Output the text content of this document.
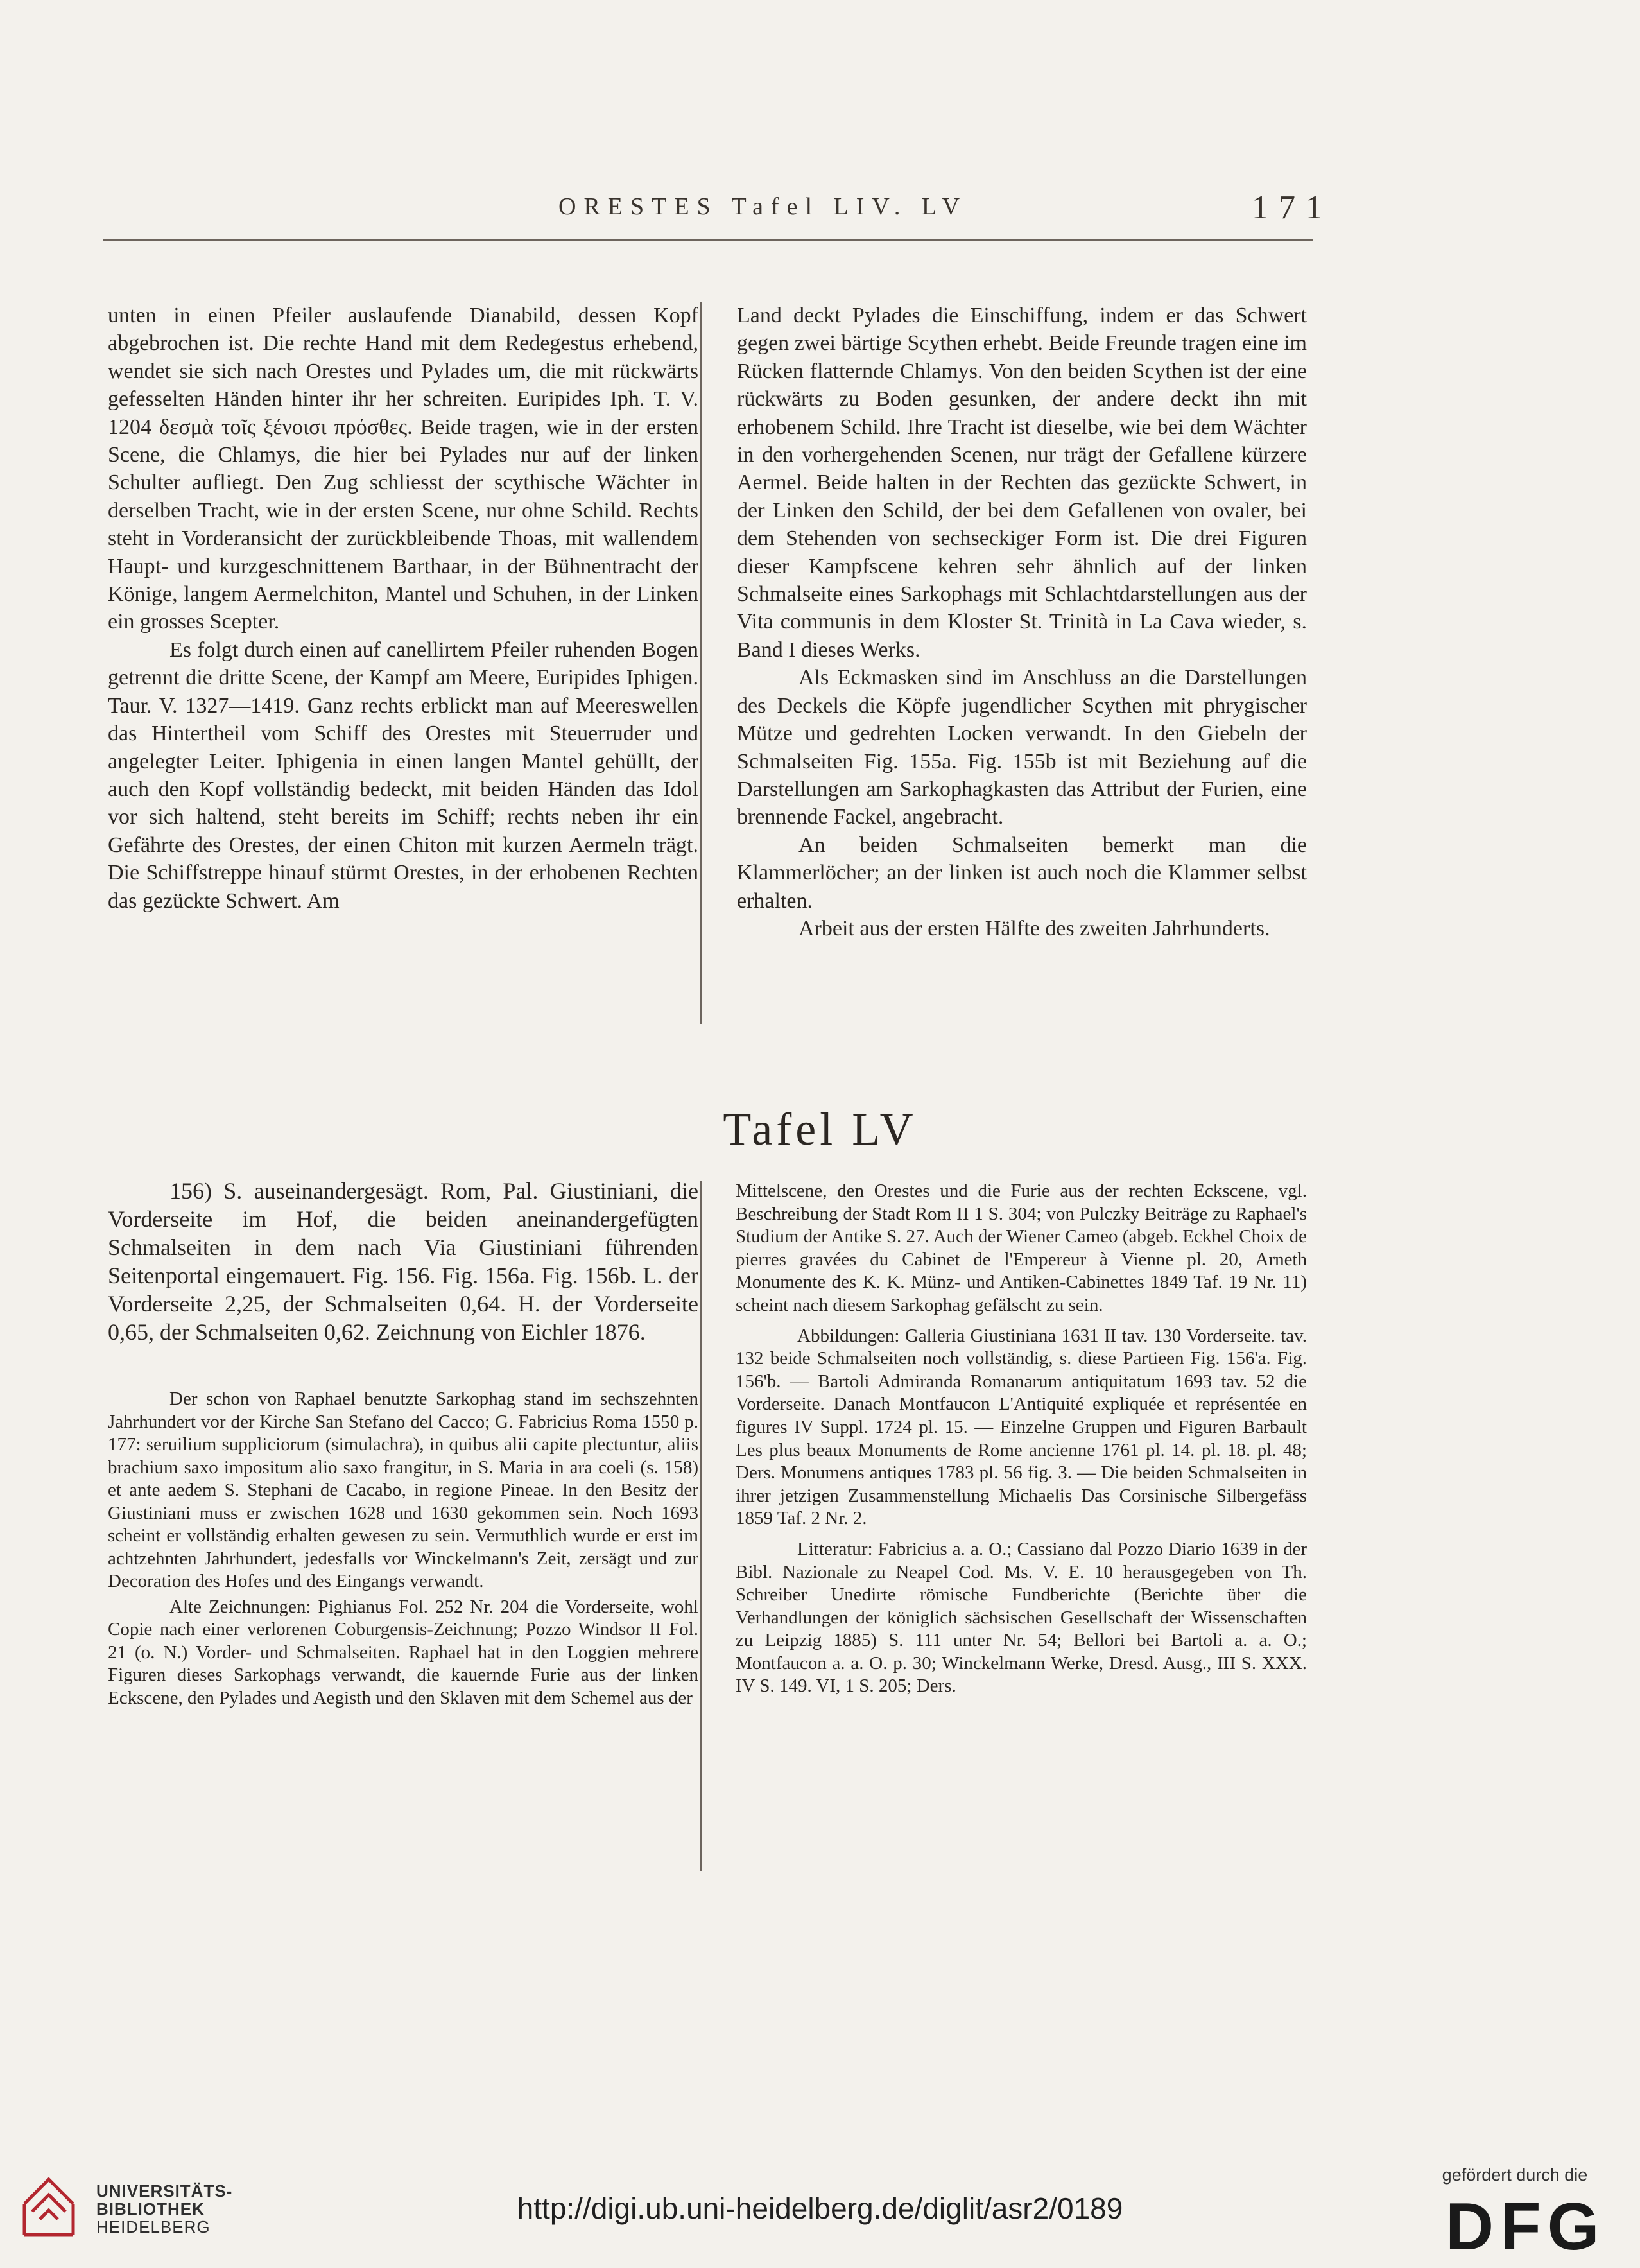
ORESTES Tafel LIV. LV	171

unten in einen Pfeiler auslaufende Dianabild, dessen Kopf abgebrochen ist. Die rechte Hand mit dem Redegestus erhebend, wendet sie sich nach Orestes und Pylades um, die mit rückwärts gefesselten Händen hinter ihr her schreiten. Euripides Iph. T. V. 1204 δεσμὰ τοῖς ξένοισι πρόσθες. Beide tragen, wie in der ersten Scene, die Chlamys, die hier bei Pylades nur auf der linken Schulter aufliegt. Den Zug schliesst der scythische Wächter in derselben Tracht, wie in der ersten Scene, nur ohne Schild. Rechts steht in Vorderansicht der zurückbleibende Thoas, mit wallendem Haupt- und kurzgeschnittenem Barthaar, in der Bühnentracht der Könige, langem Aermelchiton, Mantel und Schuhen, in der Linken ein grosses Scepter.

Es folgt durch einen auf canellirtem Pfeiler ruhenden Bogen getrennt die dritte Scene, der Kampf am Meere, Euripides Iphigen. Taur. V. 1327—1419. Ganz rechts erblickt man auf Meereswellen das Hintertheil vom Schiff des Orestes mit Steuerruder und angelegter Leiter. Iphigenia in einen langen Mantel gehüllt, der auch den Kopf vollständig bedeckt, mit beiden Händen das Idol vor sich haltend, steht bereits im Schiff; rechts neben ihr ein Gefährte des Orestes, der einen Chiton mit kurzen Aermeln trägt. Die Schiffstreppe hinauf stürmt Orestes, in der erhobenen Rechten das gezückte Schwert. Am

Land deckt Pylades die Einschiffung, indem er das Schwert gegen zwei bärtige Scythen erhebt. Beide Freunde tragen eine im Rücken flatternde Chlamys. Von den beiden Scythen ist der eine rückwärts zu Boden gesunken, der andere deckt ihn mit erhobenem Schild. Ihre Tracht ist dieselbe, wie bei dem Wächter in den vorhergehenden Scenen, nur trägt der Gefallene kürzere Aermel. Beide halten in der Rechten das gezückte Schwert, in der Linken den Schild, der bei dem Gefallenen von ovaler, bei dem Stehenden von sechseckiger Form ist. Die drei Figuren dieser Kampfscene kehren sehr ähnlich auf der linken Schmalseite eines Sarkophags mit Schlachtdarstellungen aus der Vita communis in dem Kloster St. Trinità in La Cava wieder, s. Band I dieses Werks.

Als Eckmasken sind im Anschluss an die Darstellungen des Deckels die Köpfe jugendlicher Scythen mit phrygischer Mütze und gedrehten Locken verwandt. In den Giebeln der Schmalseiten Fig. 155a. Fig. 155b ist mit Beziehung auf die Darstellungen am Sarkophagkasten das Attribut der Furien, eine brennende Fackel, angebracht.

An beiden Schmalseiten bemerkt man die Klammerlöcher; an der linken ist auch noch die Klammer selbst erhalten.

Arbeit aus der ersten Hälfte des zweiten Jahrhunderts.

Tafel LV

156) S. auseinandergesägt. Rom, Pal. Giustiniani, die Vorderseite im Hof, die beiden aneinandergefügten Schmalseiten in dem nach Via Giustiniani führenden Seitenportal eingemauert. Fig. 156. Fig. 156a. Fig. 156b. L. der Vorderseite 2,25, der Schmalseiten 0,64. H. der Vorderseite 0,65, der Schmalseiten 0,62. Zeichnung von Eichler 1876.

Der schon von Raphael benutzte Sarkophag stand im sechszehnten Jahrhundert vor der Kirche San Stefano del Cacco; G. Fabricius Roma 1550 p. 177: seruilium suppliciorum (simulachra), in quibus alii capite plectuntur, aliis brachium saxo impositum alio saxo frangitur, in S. Maria in ara coeli (s. 158) et ante aedem S. Stephani de Cacabo, in regione Pineae. In den Besitz der Giustiniani muss er zwischen 1628 und 1630 gekommen sein. Noch 1693 scheint er vollständig erhalten gewesen zu sein. Vermuthlich wurde er erst im achtzehnten Jahrhundert, jedesfalls vor Winckelmann's Zeit, zersägt und zur Decoration des Hofes und des Eingangs verwandt.

Alte Zeichnungen: Pighianus Fol. 252 Nr. 204 die Vorderseite, wohl Copie nach einer verlorenen Coburgensis-Zeichnung; Pozzo Windsor II Fol. 21 (o. N.) Vorder- und Schmalseiten. Raphael hat in den Loggien mehrere Figuren dieses Sarkophags verwandt, die kauernde Furie aus der linken Eckscene, den Pylades und Aegisth und den Sklaven mit dem Schemel aus der

Mittelscene, den Orestes und die Furie aus der rechten Eckscene, vgl. Beschreibung der Stadt Rom II 1 S. 304; von Pulczky Beiträge zu Raphael's Studium der Antike S. 27. Auch der Wiener Cameo (abgeb. Eckhel Choix de pierres gravées du Cabinet de l'Empereur à Vienne pl. 20, Arneth Monumente des K. K. Münz- und Antiken-Cabinettes 1849 Taf. 19 Nr. 11) scheint nach diesem Sarkophag gefälscht zu sein.

Abbildungen: Galleria Giustiniana 1631 II tav. 130 Vorderseite. tav. 132 beide Schmalseiten noch vollständig, s. diese Partieen Fig. 156'a. Fig. 156'b. — Bartoli Admiranda Romanarum antiquitatum 1693 tav. 52 die Vorderseite. Danach Montfaucon L'Antiquité expliquée et représentée en figures IV Suppl. 1724 pl. 15. — Einzelne Gruppen und Figuren Barbault Les plus beaux Monuments de Rome ancienne 1761 pl. 14. pl. 18. pl. 48; Ders. Monumens antiques 1783 pl. 56 fig. 3. — Die beiden Schmalseiten in ihrer jetzigen Zusammenstellung Michaelis Das Corsinische Silbergefäss 1859 Taf. 2 Nr. 2.

Litteratur: Fabricius a. a. O.; Cassiano dal Pozzo Diario 1639 in der Bibl. Nazionale zu Neapel Cod. Ms. V. E. 10 herausgegeben von Th. Schreiber Unedirte römische Fundberichte (Berichte über die Verhandlungen der königlich sächsischen Gesellschaft der Wissenschaften zu Leipzig 1885) S. 111 unter Nr. 54; Bellori bei Bartoli a. a. O.; Montfaucon a. a. O. p. 30; Winckelmann Werke, Dresd. Ausg., III S. XXX. IV S. 149. VI, 1 S. 205; Ders.

UNIVERSITÄTS-
BIBLIOTHEK
HEIDELBERG
http://digi.ub.uni-heidelberg.de/diglit/asr2/0189
gefördert durch die
DFG
